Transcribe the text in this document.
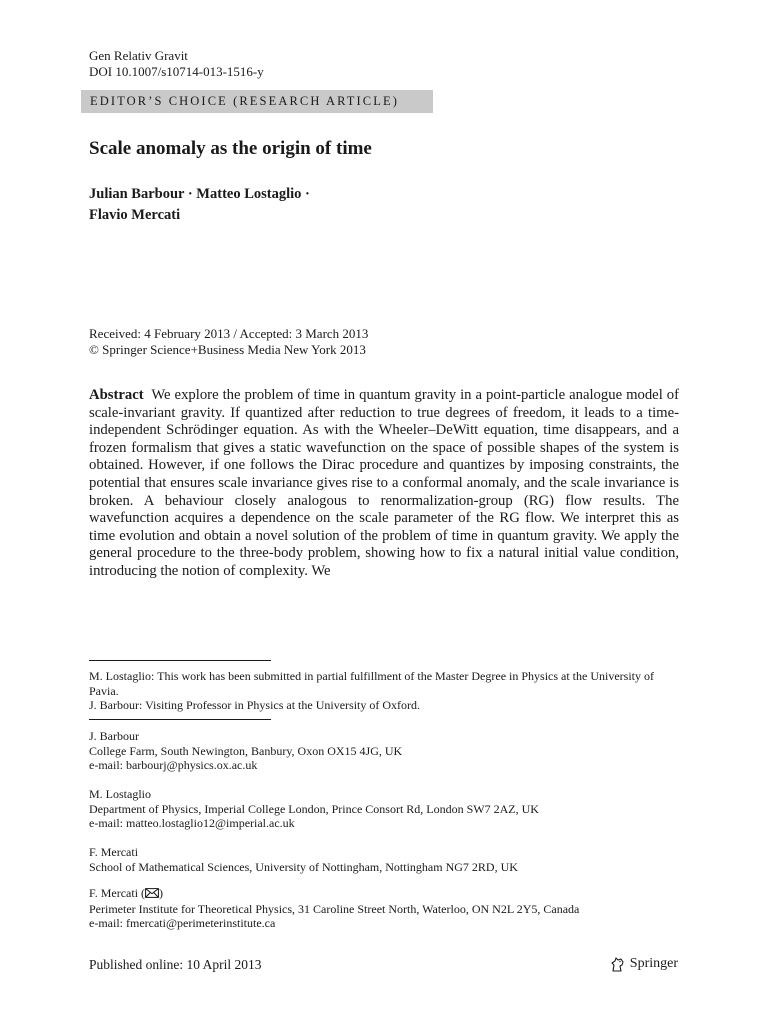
Gen Relativ Gravit
DOI 10.1007/s10714-013-1516-y
EDITOR’S CHOICE (RESEARCH ARTICLE)
Scale anomaly as the origin of time
Julian Barbour · Matteo Lostaglio ·
Flavio Mercati
Received: 4 February 2013 / Accepted: 3 March 2013
© Springer Science+Business Media New York 2013

Abstract We explore the problem of time in quantum gravity in a point-particle analogue model of scale-invariant gravity. If quantized after reduction to true degrees of freedom, it leads to a time-independent Schrödinger equation. As with the Wheeler–DeWitt equation, time disappears, and a frozen formalism that gives a static wavefunction on the space of possible shapes of the system is obtained. However, if one follows the Dirac procedure and quantizes by imposing constraints, the potential that ensures scale invariance gives rise to a conformal anomaly, and the scale invariance is broken. A behaviour closely analogous to renormalization-group (RG) flow results. The wavefunction acquires a dependence on the scale parameter of the RG flow. We interpret this as time evolution and obtain a novel solution of the problem of time in quantum gravity. We apply the general procedure to the three-body problem, showing how to fix a natural initial value condition, introducing the notion of complexity. We

M. Lostaglio: This work has been submitted in partial fulfillment of the Master Degree in Physics at the University of Pavia.

J. Barbour: Visiting Professor in Physics at the University of Oxford.

J. Barbour
College Farm, South Newington, Banbury, Oxon OX15 4JG, UK
e-mail: barbourj@physics.ox.ac.uk
M. Lostaglio
Department of Physics, Imperial College London, Prince Consort Rd, London SW7 2AZ, UK
e-mail: matteo.lostaglio12@imperial.ac.uk
F. Mercati
School of Mathematical Sciences, University of Nottingham, Nottingham NG7 2RD, UK
F. Mercati ( )
Perimeter Institute for Theoretical Physics, 31 Caroline Street North, Waterloo, ON N2L 2Y5, Canada
e-mail: fmercati@perimeterinstitute.ca
Published online: 10 April 2013	Springer
